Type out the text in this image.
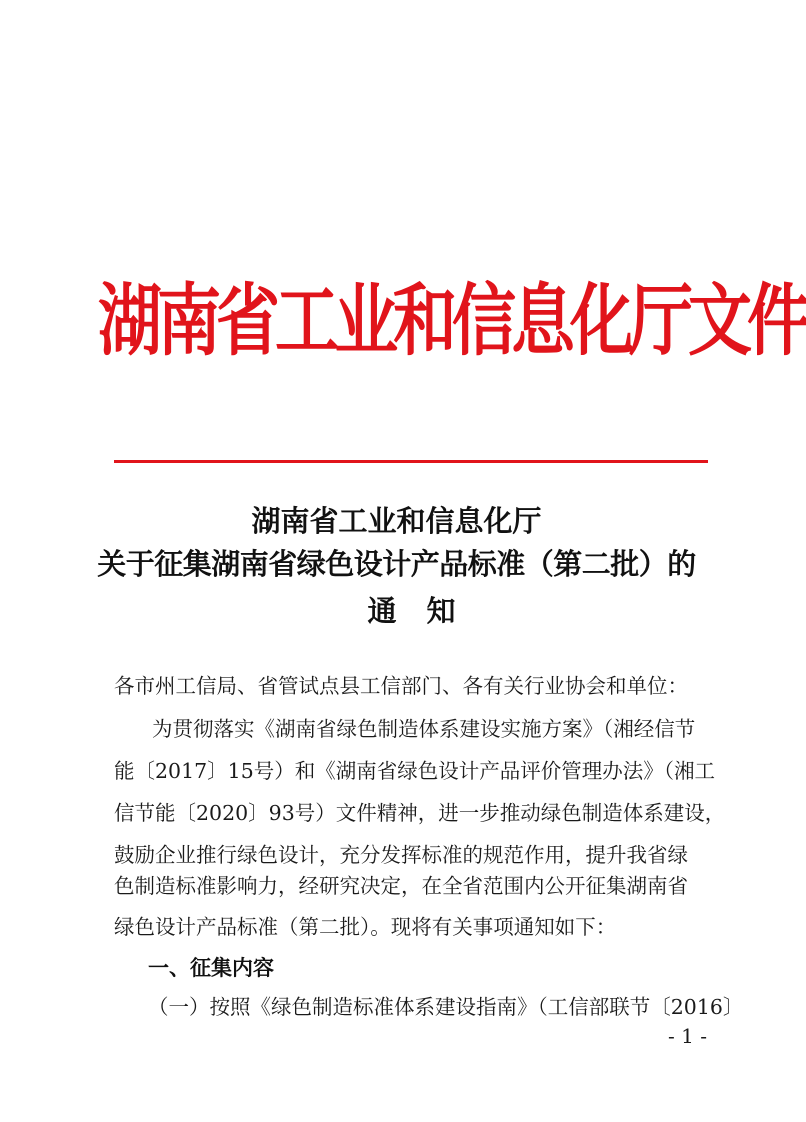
湖 南 省 工 业 和 信 息 化 厅 文 件
湖南省工业和信息化厅
关于征集湖南省绿色设计产品标准（第二批）的
通知

各市州工信局、省管试点县工信部门、各有关行业协会和单位：

为贯彻落实《湖南省绿色制造体系建设实施方案》（湘经信节

能〔2017〕15号）和《湖南省绿色设计产品评价管理办法》（湘工

信节能〔2020〕93号）文件精神，进一步推动绿色制造体系建设，

鼓励企业推行绿色设计，充分发挥标准的规范作用，提升我省绿

色制造标准影响力，经研究决定，在全省范围内公开征集湖南省

绿色设计产品标准（第二批）。现将有关事项通知如下：

一、征集内容

（一）按照《绿色制造标准体系建设指南》（工信部联节〔2016〕

- 1 -
